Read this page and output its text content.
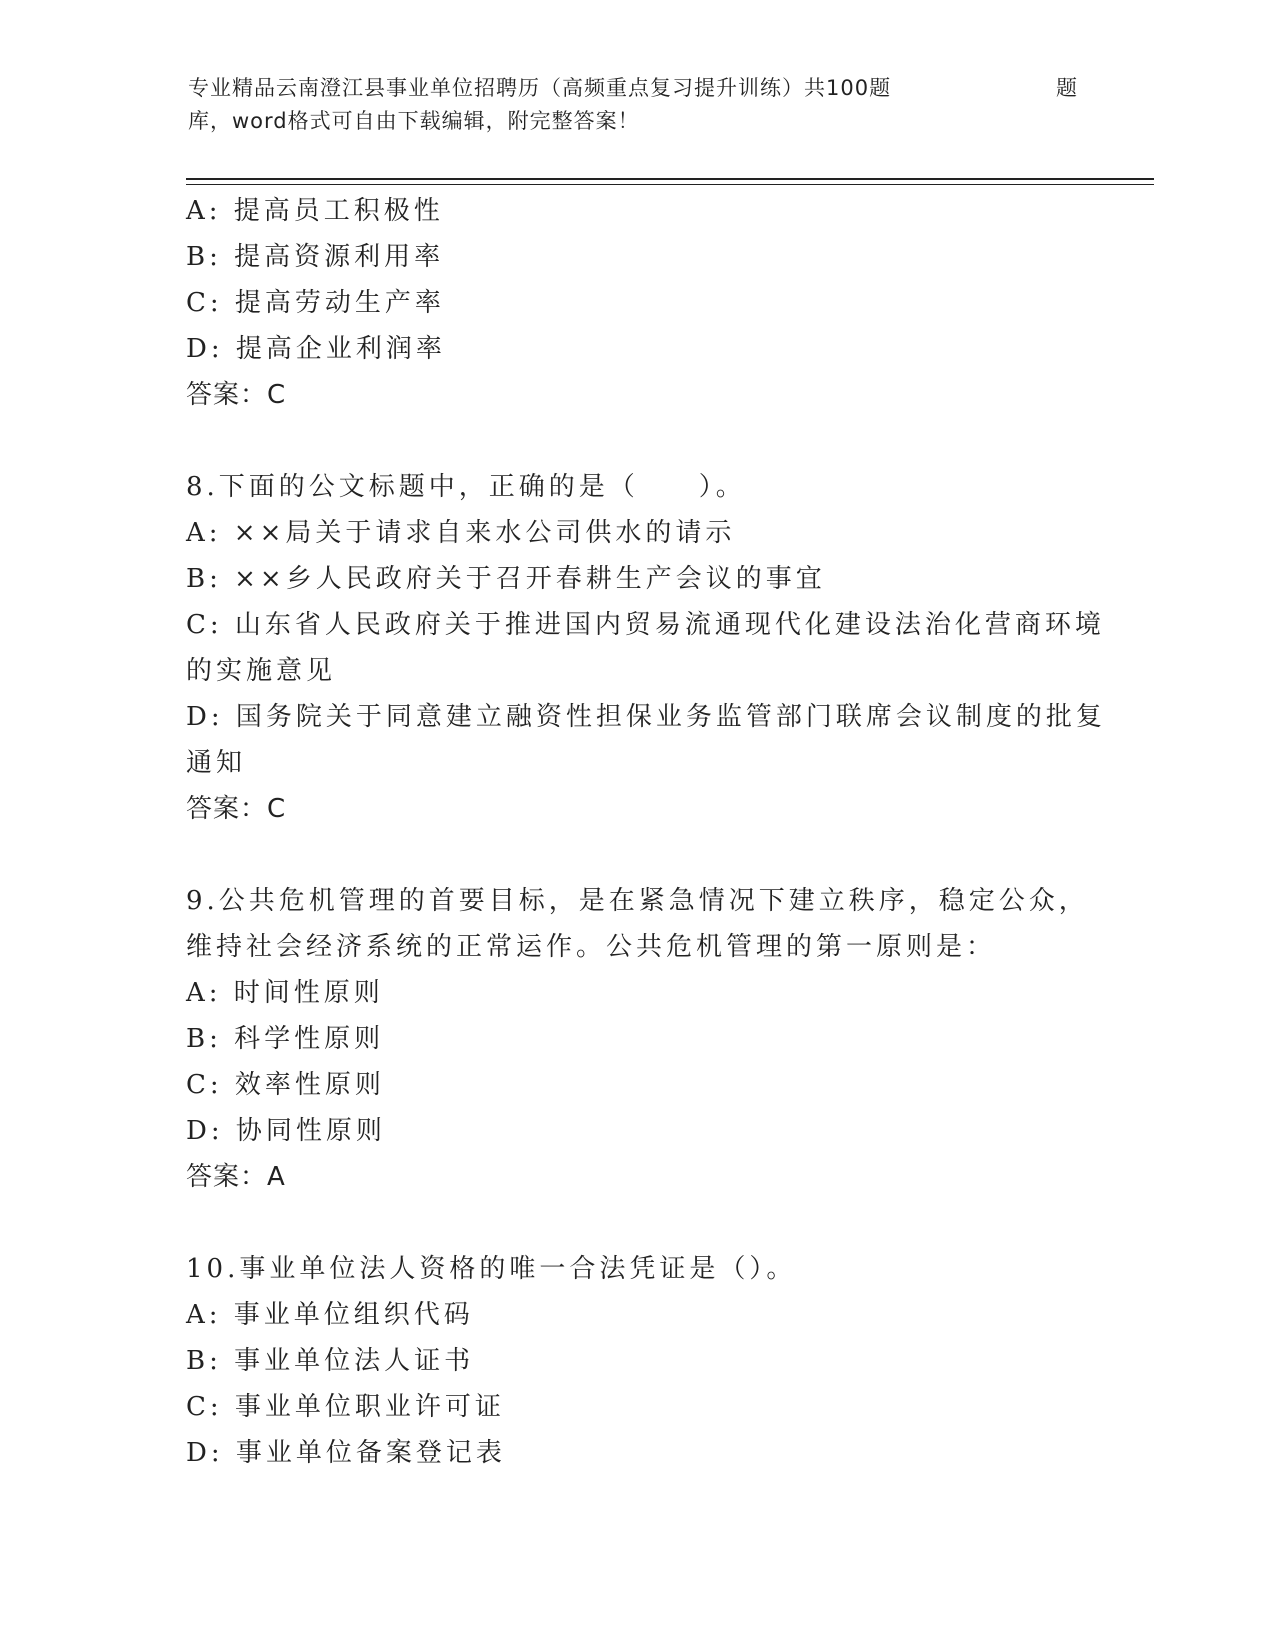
专业精品云南澄江县事业单位招聘历（高频重点复习提升训练）共100题	题
库，word格式可自由下载编辑，附完整答案！
A: 提高员工积极性
B: 提高资源利用率
C: 提高劳动生产率
D: 提高企业利润率
答案：C
8.下面的公文标题中，正确的是（　　）。
A: ××局关于请求自来水公司供水的请示
B: ××乡人民政府关于召开春耕生产会议的事宜
C: 山东省人民政府关于推进国内贸易流通现代化建设法治化营商环境
的实施意见
D: 国务院关于同意建立融资性担保业务监管部门联席会议制度的批复
通知
答案：C
9.公共危机管理的首要目标，是在紧急情况下建立秩序，稳定公众，
维持社会经济系统的正常运作。公共危机管理的第一原则是：
A: 时间性原则
B: 科学性原则
C: 效率性原则
D: 协同性原则
答案：A
10.事业单位法人资格的唯一合法凭证是（）。
A: 事业单位组织代码
B: 事业单位法人证书
C: 事业单位职业许可证
D: 事业单位备案登记表
